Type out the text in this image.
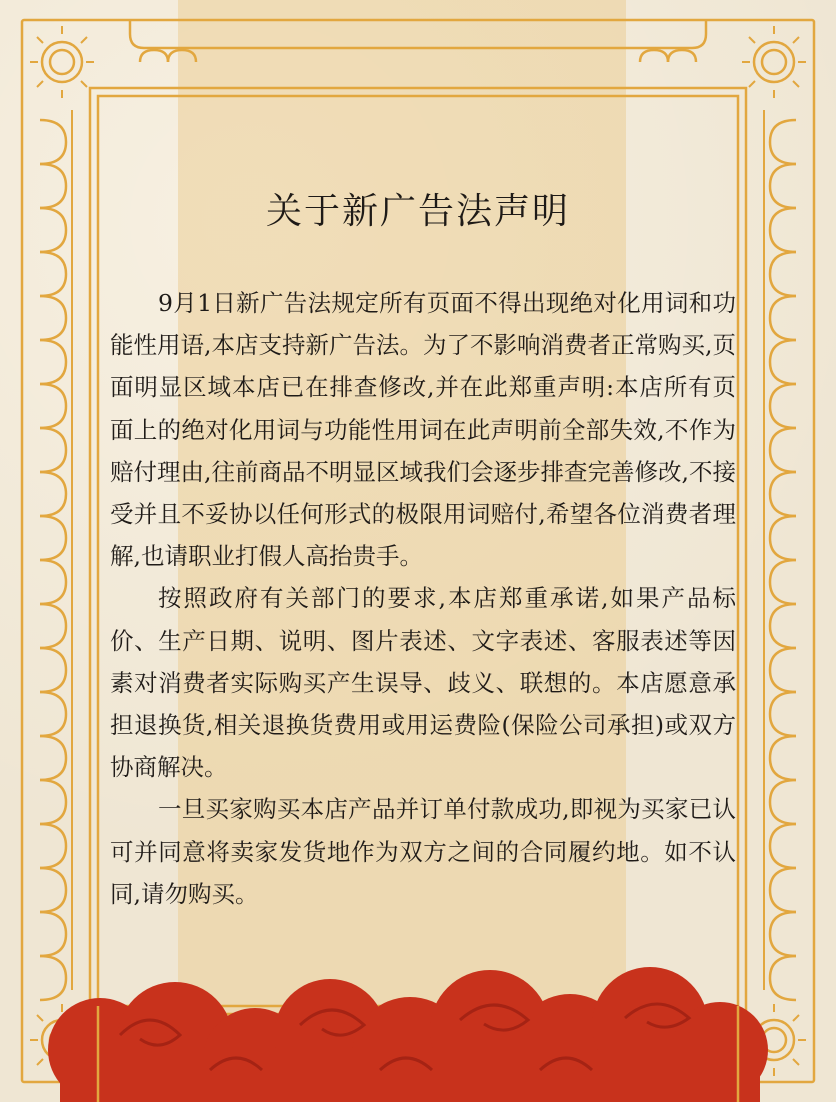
关于新广告法声明

9月1日新广告法规定所有页面不得出现绝对化用词和功能性用语,本店支持新广告法。为了不影响消费者正常购买,页面明显区域本店已在排查修改,并在此郑重声明:本店所有页面上的绝对化用词与功能性用词在此声明前全部失效,不作为赔付理由,往前商品不明显区域我们会逐步排查完善修改,不接受并且不妥协以任何形式的极限用词赔付,希望各位消费者理解,也请职业打假人高抬贵手。

按照政府有关部门的要求,本店郑重承诺,如果产品标价、生产日期、说明、图片表述、文字表述、客服表述等因素对消费者实际购买产生误导、歧义、联想的。本店愿意承担退换货,相关退换货费用或用运费险(保险公司承担)或双方协商解决。

一旦买家购买本店产品并订单付款成功,即视为买家已认可并同意将卖家发货地作为双方之间的合同履约地。如不认同,请勿购买。
